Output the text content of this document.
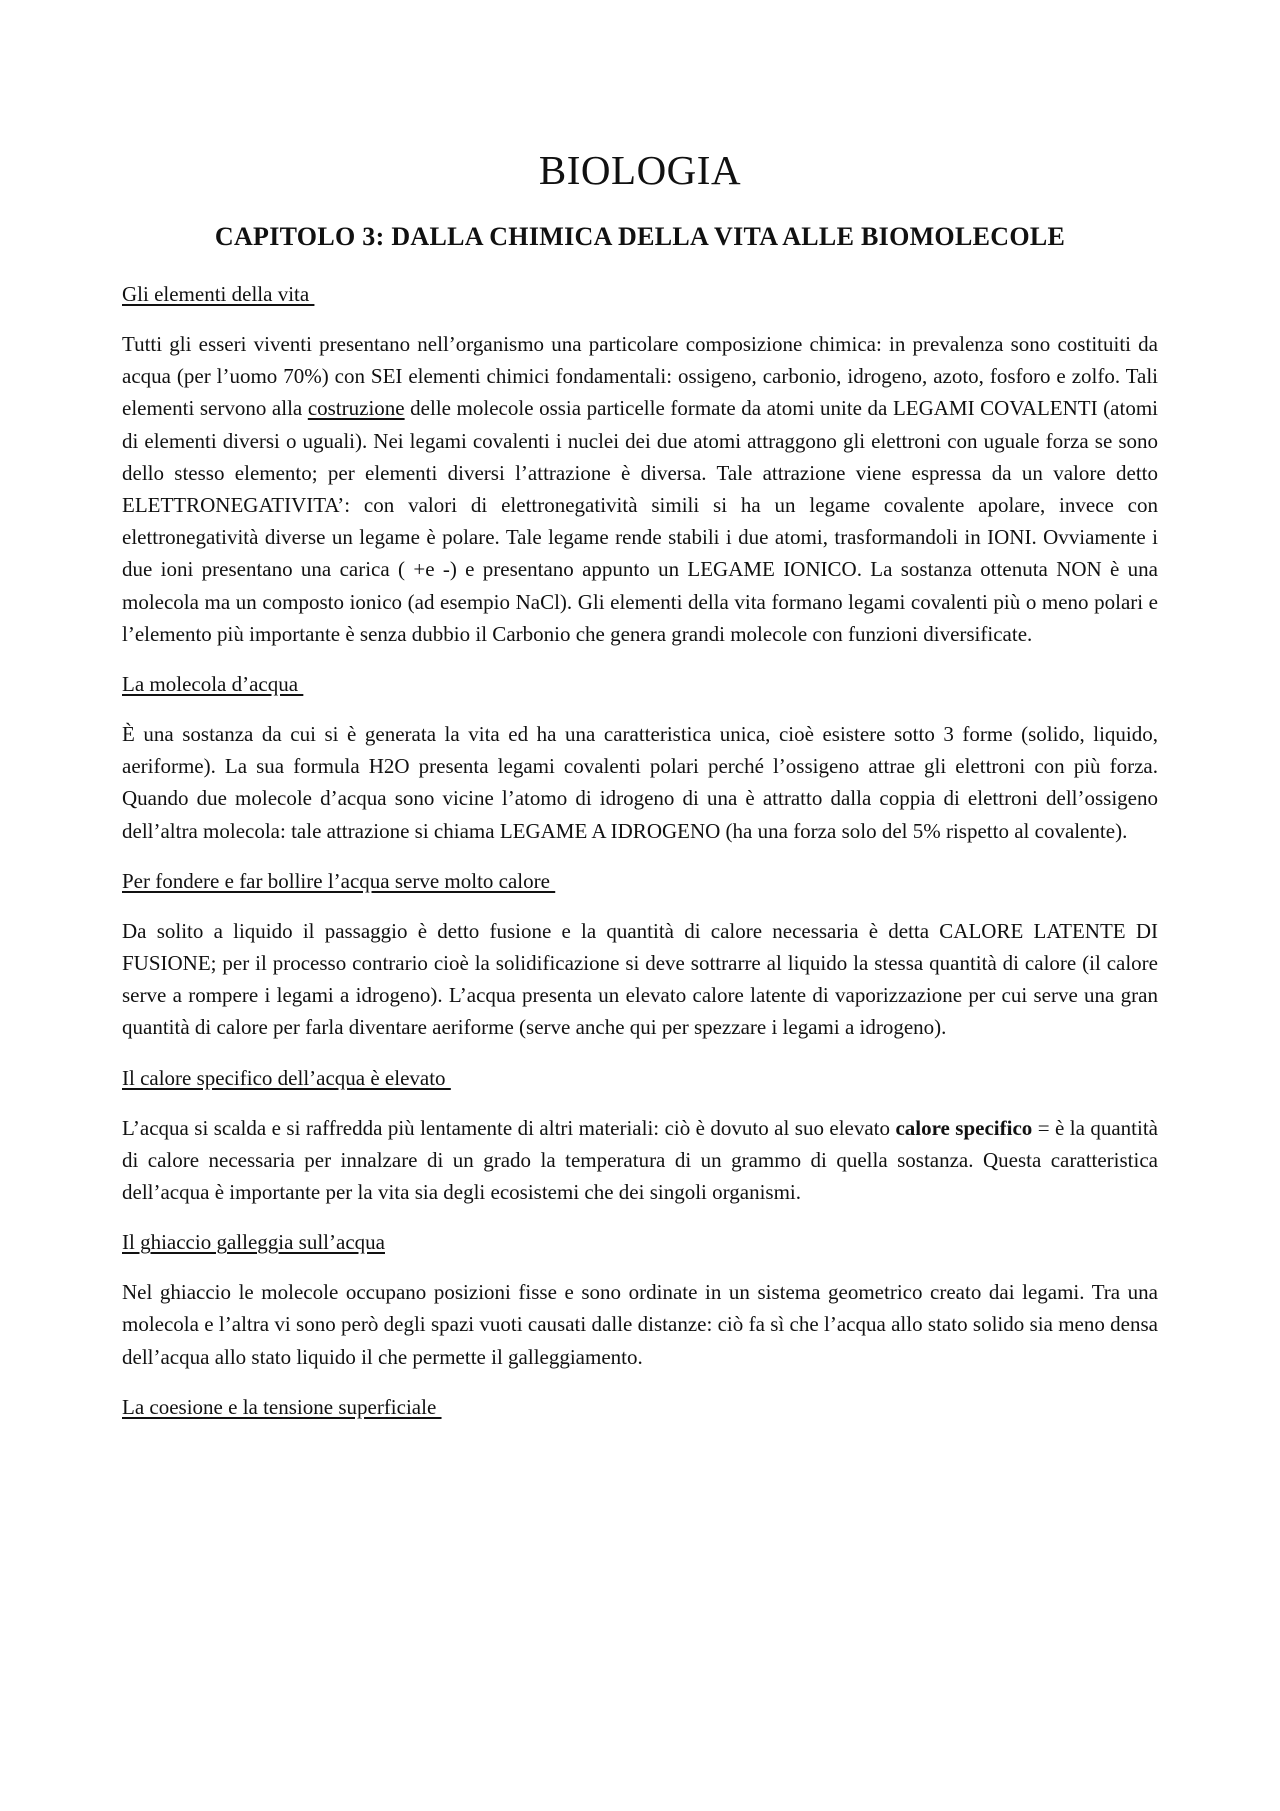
BIOLOGIA
CAPITOLO 3: DALLA CHIMICA DELLA VITA ALLE BIOMOLECOLE

Gli elementi della vita

Tutti gli esseri viventi presentano nell’organismo una particolare composizione chimica: in prevalenza sono costituiti da acqua (per l’uomo 70%) con SEI elementi chimici fondamentali: ossigeno, carbonio, idrogeno, azoto, fosforo e zolfo. Tali elementi servono alla costruzione delle molecole ossia particelle formate da atomi unite da LEGAMI COVALENTI (atomi di elementi diversi o uguali). Nei legami covalenti i nuclei dei due atomi attraggono gli elettroni con uguale forza se sono dello stesso elemento; per elementi diversi l’attrazione è diversa. Tale attrazione viene espressa da un valore detto ELETTRONEGATIVITA’: con valori di elettronegatività simili si ha un legame covalente apolare, invece con elettronegatività diverse un legame è polare. Tale legame rende stabili i due atomi, trasformandoli in IONI. Ovviamente i due ioni presentano una carica ( +e -) e presentano appunto un LEGAME IONICO. La sostanza ottenuta NON è una molecola ma un composto ionico (ad esempio NaCl). Gli elementi della vita formano legami covalenti più o meno polari e l’elemento più importante è senza dubbio il Carbonio che genera grandi molecole con funzioni diversificate.

La molecola d’acqua

È una sostanza da cui si è generata la vita ed ha una caratteristica unica, cioè esistere sotto 3 forme (solido, liquido, aeriforme). La sua formula H2O presenta legami covalenti polari perché l’ossigeno attrae gli elettroni con più forza. Quando due molecole d’acqua sono vicine l’atomo di idrogeno di una è attratto dalla coppia di elettroni dell’ossigeno dell’altra molecola: tale attrazione si chiama LEGAME A IDROGENO (ha una forza solo del 5% rispetto al covalente).

Per fondere e far bollire l’acqua serve molto calore

Da solito a liquido il passaggio è detto fusione e la quantità di calore necessaria è detta CALORE LATENTE DI FUSIONE; per il processo contrario cioè la solidificazione si deve sottrarre al liquido la stessa quantità di calore (il calore serve a rompere i legami a idrogeno). L’acqua presenta un elevato calore latente di vaporizzazione per cui serve una gran quantità di calore per farla diventare aeriforme (serve anche qui per spezzare i legami a idrogeno).

Il calore specifico dell’acqua è elevato

L’acqua si scalda e si raffredda più lentamente di altri materiali: ciò è dovuto al suo elevato calore specifico = è la quantità di calore necessaria per innalzare di un grado la temperatura di un grammo di quella sostanza. Questa caratteristica dell’acqua è importante per la vita sia degli ecosistemi che dei singoli organismi.

Il ghiaccio galleggia sull’acqua

Nel ghiaccio le molecole occupano posizioni fisse e sono ordinate in un sistema geometrico creato dai legami. Tra una molecola e l’altra vi sono però degli spazi vuoti causati dalle distanze: ciò fa sì che l’acqua allo stato solido sia meno densa dell’acqua allo stato liquido il che permette il galleggiamento.

La coesione e la tensione superficiale
